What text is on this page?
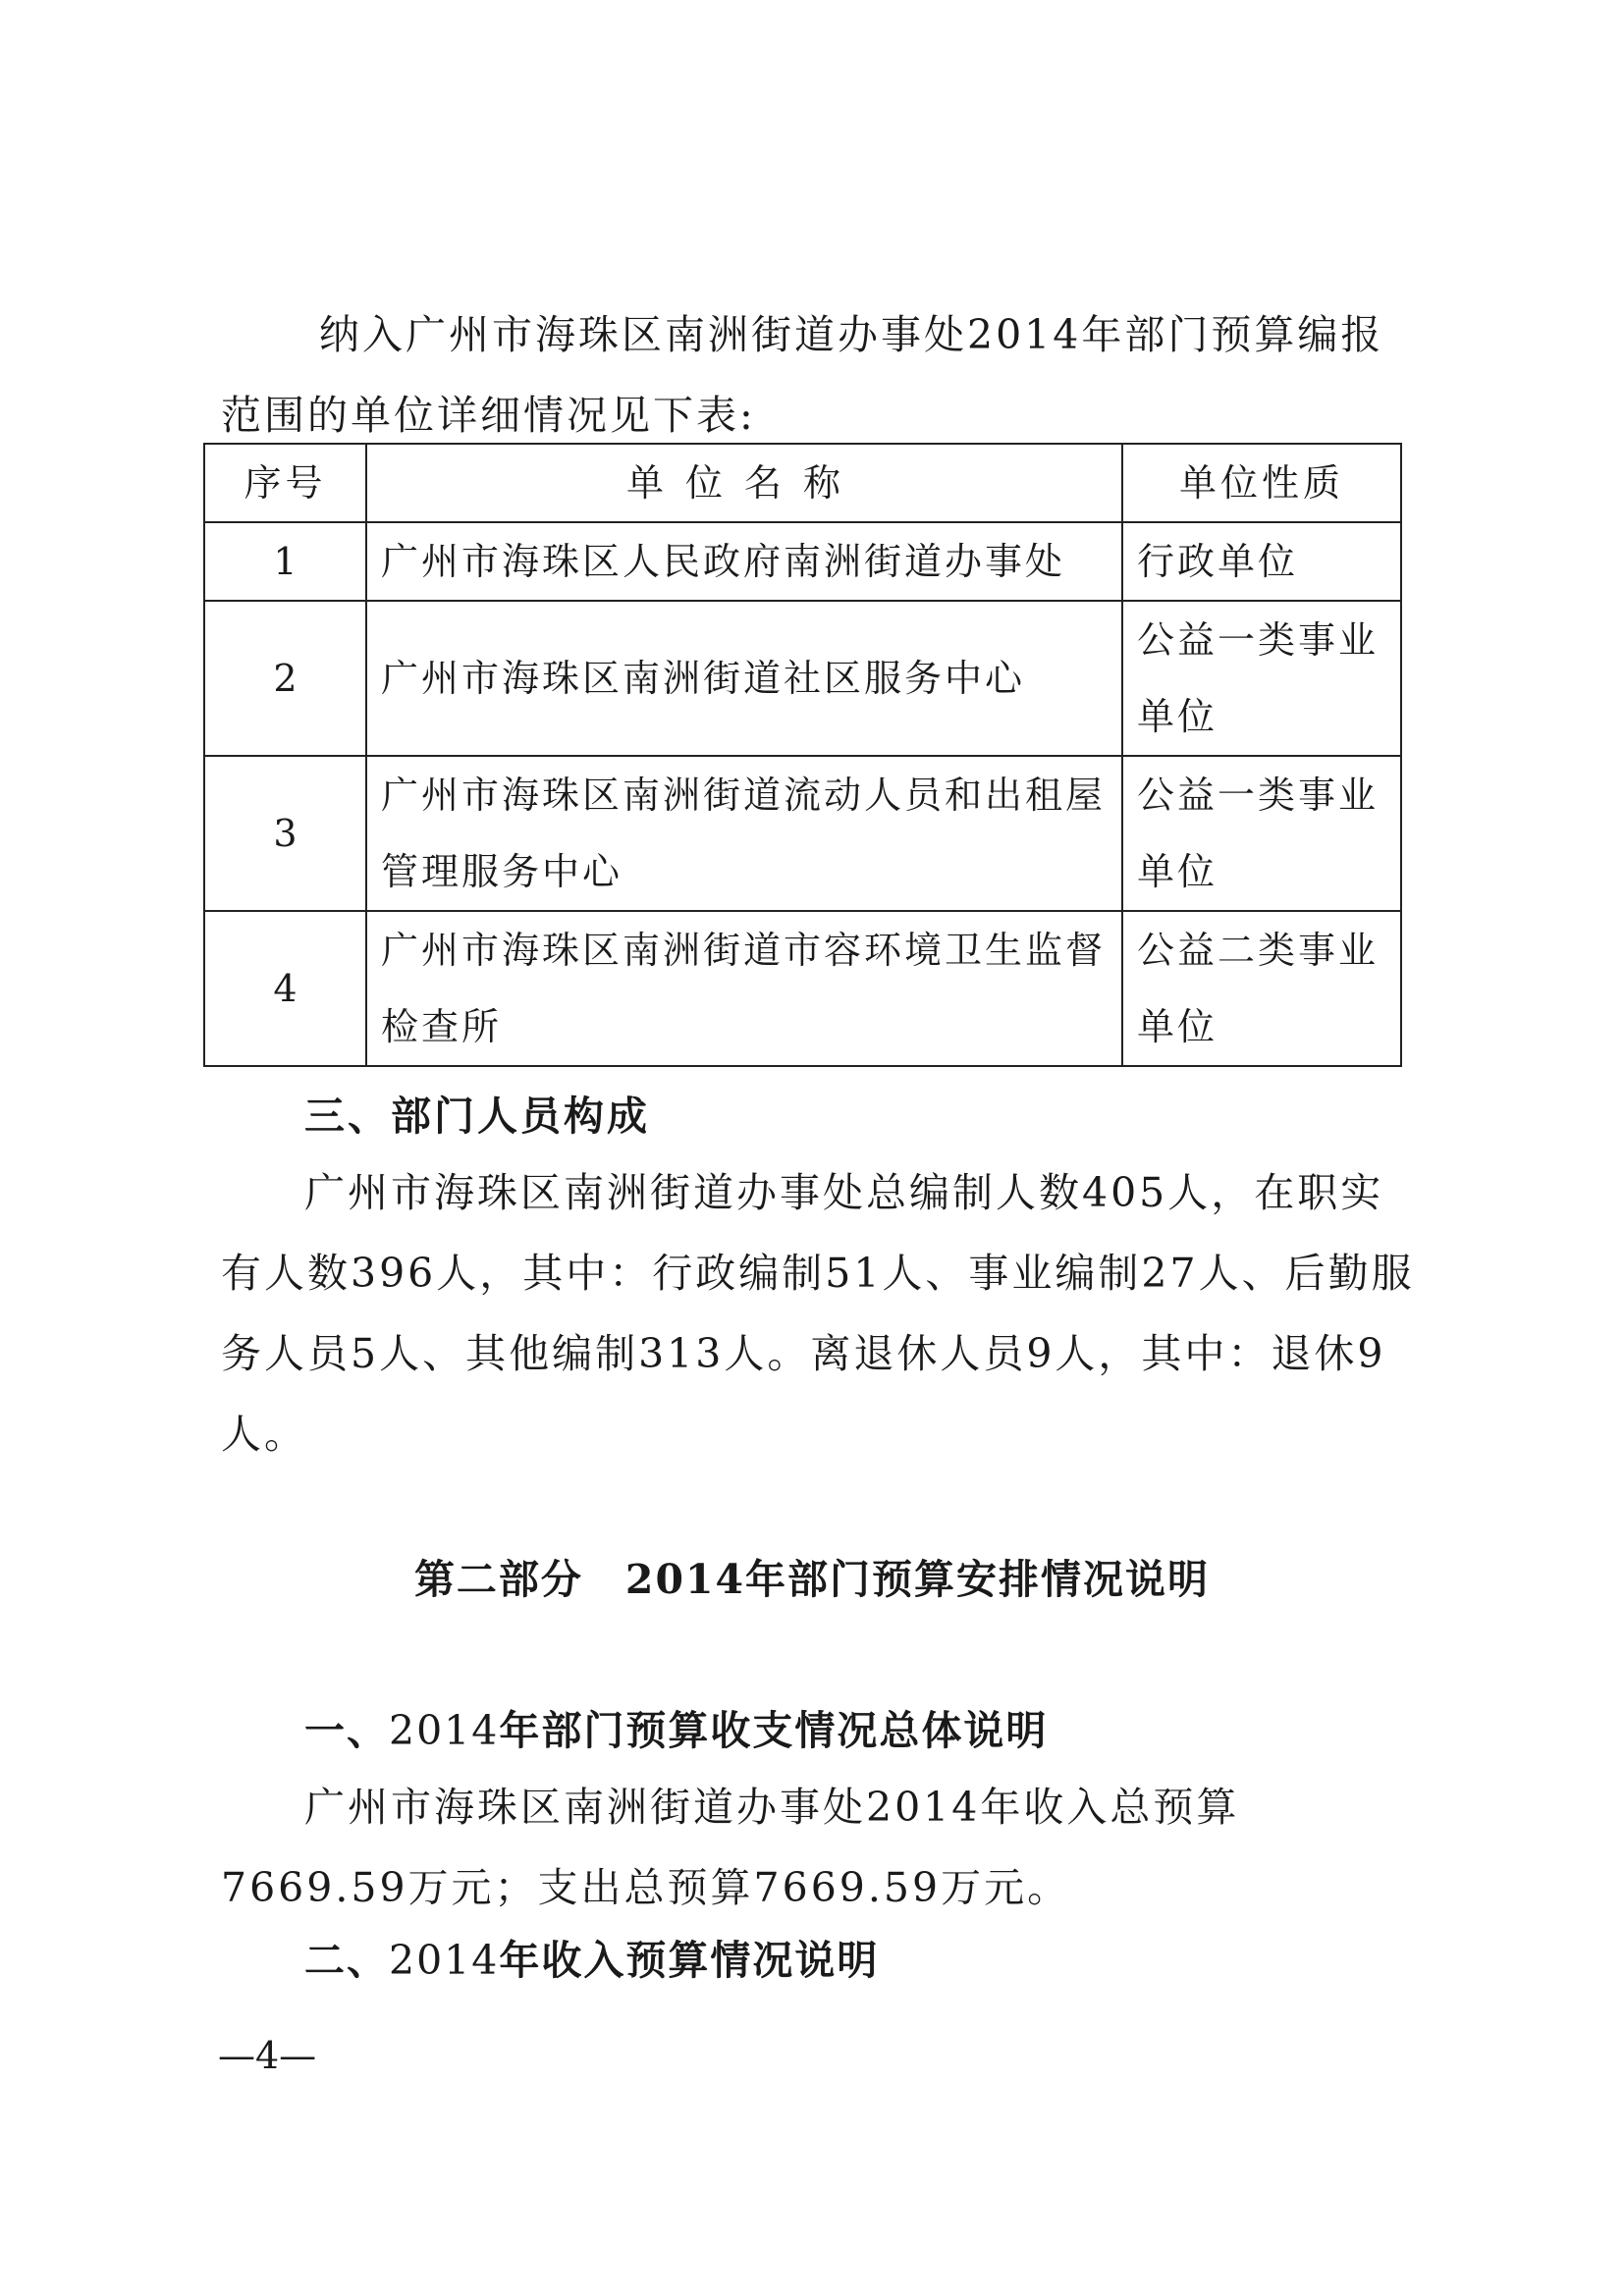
纳入广州市海珠区南洲街道办事处2014年部门预算编报范围的单位详细情况见下表:

序号	单位名称	单位性质
1	广州市海珠区人民政府南洲街道办事处	行政单位
2	广州市海珠区南洲街道社区服务中心	公益一类事业单位
3	广州市海珠区南洲街道流动人员和出租屋管理服务中心	公益一类事业单位
4	广州市海珠区南洲街道市容环境卫生监督检查所	公益二类事业单位
三、部门人员构成

广州市海珠区南洲街道办事处总编制人数405人，在职实有人数396人，其中：行政编制51人、事业编制27人、后勤服务人员5人、其他编制313人。离退休人员9人，其中：退休9人。

第二部分　2014年部门预算安排情况说明

一、2014年部门预算收支情况总体说明

广州市海珠区南洲街道办事处2014年收入总预算7669.59万元；支出总预算7669.59万元。

二、2014年收入预算情况说明

—4—
